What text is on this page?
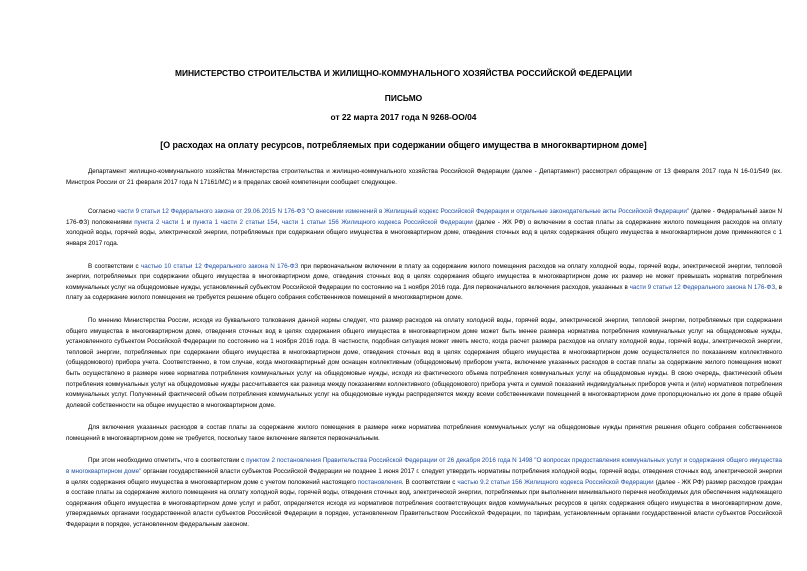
МИНИСТЕРСТВО СТРОИТЕЛЬСТВА И ЖИЛИЩНО-КОММУНАЛЬНОГО ХОЗЯЙСТВА РОССИЙСКОЙ ФЕДЕРАЦИИ
ПИСЬМО
от 22 марта 2017 года N 9268-ОО/04
[О расходах на оплату ресурсов, потребляемых при содержании общего имущества в многоквартирном доме]

Департамент жилищно-коммунального хозяйства Министерства строительства и жилищно-коммунального хозяйства Российской Федерации (далее - Департамент) рассмотрел обращение от 13 февраля 2017 года N 16-01/549 (вх. Минстроя России от 21 февраля 2017 года N 17161/МС) и в пределах своей компетенции сообщает следующее.

Согласно части 9 статьи 12 Федерального закона от 29.06.2015 N 176-ФЗ "О внесении изменений в Жилищный кодекс Российской Федерации и отдельные законодательные акты Российской Федерации" (далее - Федеральный закон N 176-ФЗ) положениями пункта 2 части 1 и пункта 1 части 2 статьи 154, части 1 статьи 156 Жилищного кодекса Российской Федерации (далее - ЖК РФ) о включении в состав платы за содержание жилого помещения расходов на оплату холодной воды, горячей воды, электрической энергии, потребляемых при содержании общего имущества в многоквартирном доме, отведения сточных вод в целях содержания общего имущества в многоквартирном доме применяются с 1 января 2017 года.

В соответствии с частью 10 статьи 12 Федерального закона N 176-ФЗ при первоначальном включении в плату за содержание жилого помещения расходов на оплату холодной воды, горячей воды, электрической энергии, тепловой энергии, потребляемых при содержании общего имущества в многоквартирном доме, отведения сточных вод в целях содержания общего имущества в многоквартирном доме их размер не может превышать норматив потребления коммунальных услуг на общедомовые нужды, установленный субъектом Российской Федерации по состоянию на 1 ноября 2016 года. Для первоначального включения расходов, указанных в части 9 статьи 12 Федерального закона N 176-ФЗ, в плату за содержание жилого помещения не требуется решение общего собрания собственников помещений в многоквартирном доме.

По мнению Министерства России, исходя из буквального толкования данной нормы следует, что размер расходов на оплату холодной воды, горячей воды, электрической энергии, тепловой энергии, потребляемых при содержании общего имущества в многоквартирном доме, отведения сточных вод в целях содержания общего имущества в многоквартирном доме может быть менее размера норматива потребления коммунальных услуг на общедомовые нужды, установленного субъектом Российской Федерации по состоянию на 1 ноября 2016 года. В частности, подобная ситуация может иметь место, когда расчет размера расходов на оплату холодной воды, горячей воды, электрической энергии, тепловой энергии, потребляемых при содержании общего имущества в многоквартирном доме, отведения сточных вод в целях содержания общего имущества в многоквартирном доме осуществляется по показаниям коллективного (общедомового) прибора учета. Соответственно, в том случае, когда многоквартирный дом оснащен коллективным (общедомовым) прибором учета, включение указанных расходов в состав платы за содержание жилого помещения может быть осуществлено в размере ниже норматива потребления коммунальных услуг на общедомовые нужды, исходя из фактического объема потребления коммунальных услуг на общедомовые нужды. В свою очередь, фактический объем потребления коммунальных услуг на общедомовые нужды рассчитывается как разница между показаниями коллективного (общедомового) прибора учета и суммой показаний индивидуальных приборов учета и (или) нормативов потребления коммунальных услуг. Полученный фактический объем потребления коммунальных услуг на общедомовые нужды распределяется между всеми собственниками помещений в многоквартирном доме пропорционально их доле в праве общей долевой собственности на общее имущество в многоквартирном доме.

Для включения указанных расходов в состав платы за содержание жилого помещения в размере ниже норматива потребления коммунальных услуг на общедомовые нужды принятия решения общего собрания собственников помещений в многоквартирном доме не требуется, поскольку такое включение является первоначальным.

При этом необходимо отметить, что в соответствии с пунктом 2 постановления Правительства Российской Федерации от 26 декабря 2016 года N 1498 "О вопросах предоставления коммунальных услуг и содержания общего имущества в многоквартирном доме" органам государственной власти субъектов Российской Федерации не позднее 1 июня 2017 г. следует утвердить нормативы потребления холодной воды, горячей воды, отведения сточных вод, электрической энергии в целях содержания общего имущества в многоквартирном доме с учетом положений настоящего постановления. В соответствии с частью 9.2 статьи 156 Жилищного кодекса Российской Федерации (далее - ЖК РФ) размер расходов граждан в составе платы за содержание жилого помещения на оплату холодной воды, горячей воды, отведения сточных вод, электрической энергии, потребляемых при выполнении минимального перечня необходимых для обеспечения надлежащего содержания общего имущества в многоквартирном доме услуг и работ, определяется исходя из нормативов потребления соответствующих видов коммунальных ресурсов в целях содержания общего имущества в многоквартирном доме, утверждаемых органами государственной власти субъектов Российской Федерации в порядке, установленном Правительством Российской Федерации, по тарифам, установленным органами государственной власти субъектов Российской Федерации в порядке, установленном федеральным законом.
